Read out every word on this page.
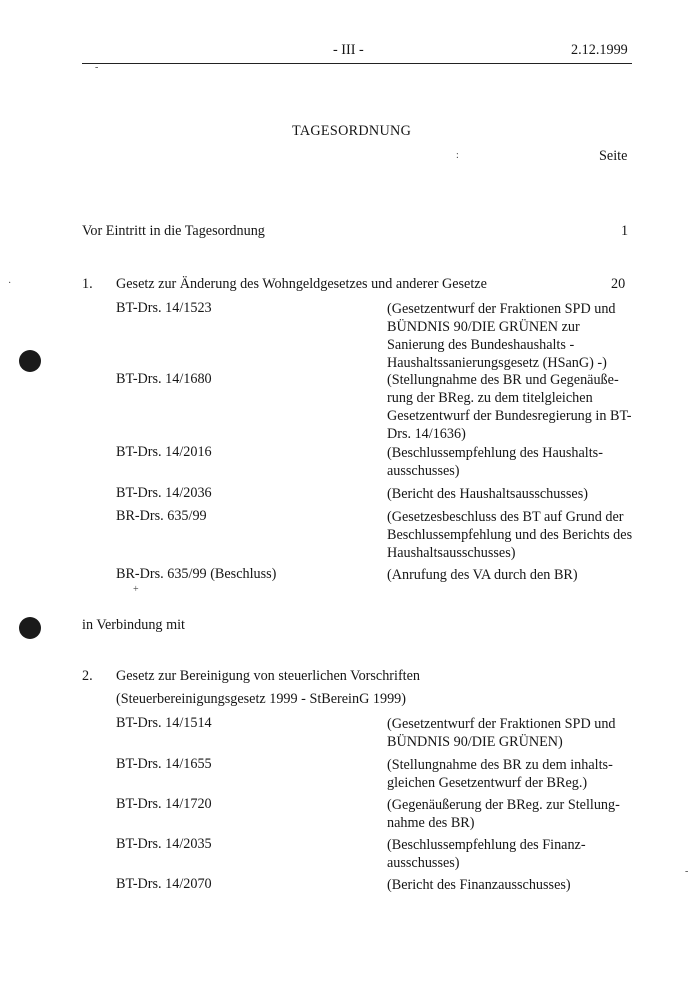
- III -	2.12.1999
-
TAGESORDNUNG
:	Seite
Vor Eintritt in die Tagesordnung	1
1. Gesetz zur Änderung des Wohngeldgesetzes und anderer Gesetze	20
BT-Drs. 14/1523	(Gesetzentwurf der Fraktionen SPD und BÜNDNIS 90/DIE GRÜNEN zur Sanierung des Bundeshaushalts - Haushaltssanierungsgesetz (HSanG) -)
BT-Drs. 14/1680	(Stellungnahme des BR und Gegenäußerung der BReg. zu dem titelgleichen Gesetzentwurf der Bundesregierung in BT-Drs. 14/1636)
BT-Drs. 14/2016	(Beschlussempfehlung des Haushaltsausschusses)
BT-Drs. 14/2036	(Bericht des Haushaltsausschusses)
BR-Drs. 635/99	(Gesetzesbeschluss des BT auf Grund der Beschlussempfehlung und des Berichts des Haushaltsausschusses)
BR-Drs. 635/99 (Beschluss)	(Anrufung des VA durch den BR)
+
in Verbindung mit
2. Gesetz zur Bereinigung von steuerlichen Vorschriften
(Steuerbereinigungsgesetz 1999 - StBereinG 1999)
BT-Drs. 14/1514	(Gesetzentwurf der Fraktionen SPD und BÜNDNIS 90/DIE GRÜNEN)
BT-Drs. 14/1655	(Stellungnahme des BR zu dem inhaltsgleichen Gesetzentwurf der BReg.)
BT-Drs. 14/1720	(Gegenäußerung der BReg. zur Stellungnahme des BR)
BT-Drs. 14/2035	(Beschlussempfehlung des Finanzausschusses)
BT-Drs. 14/2070	(Bericht des Finanzausschusses)
-
·
